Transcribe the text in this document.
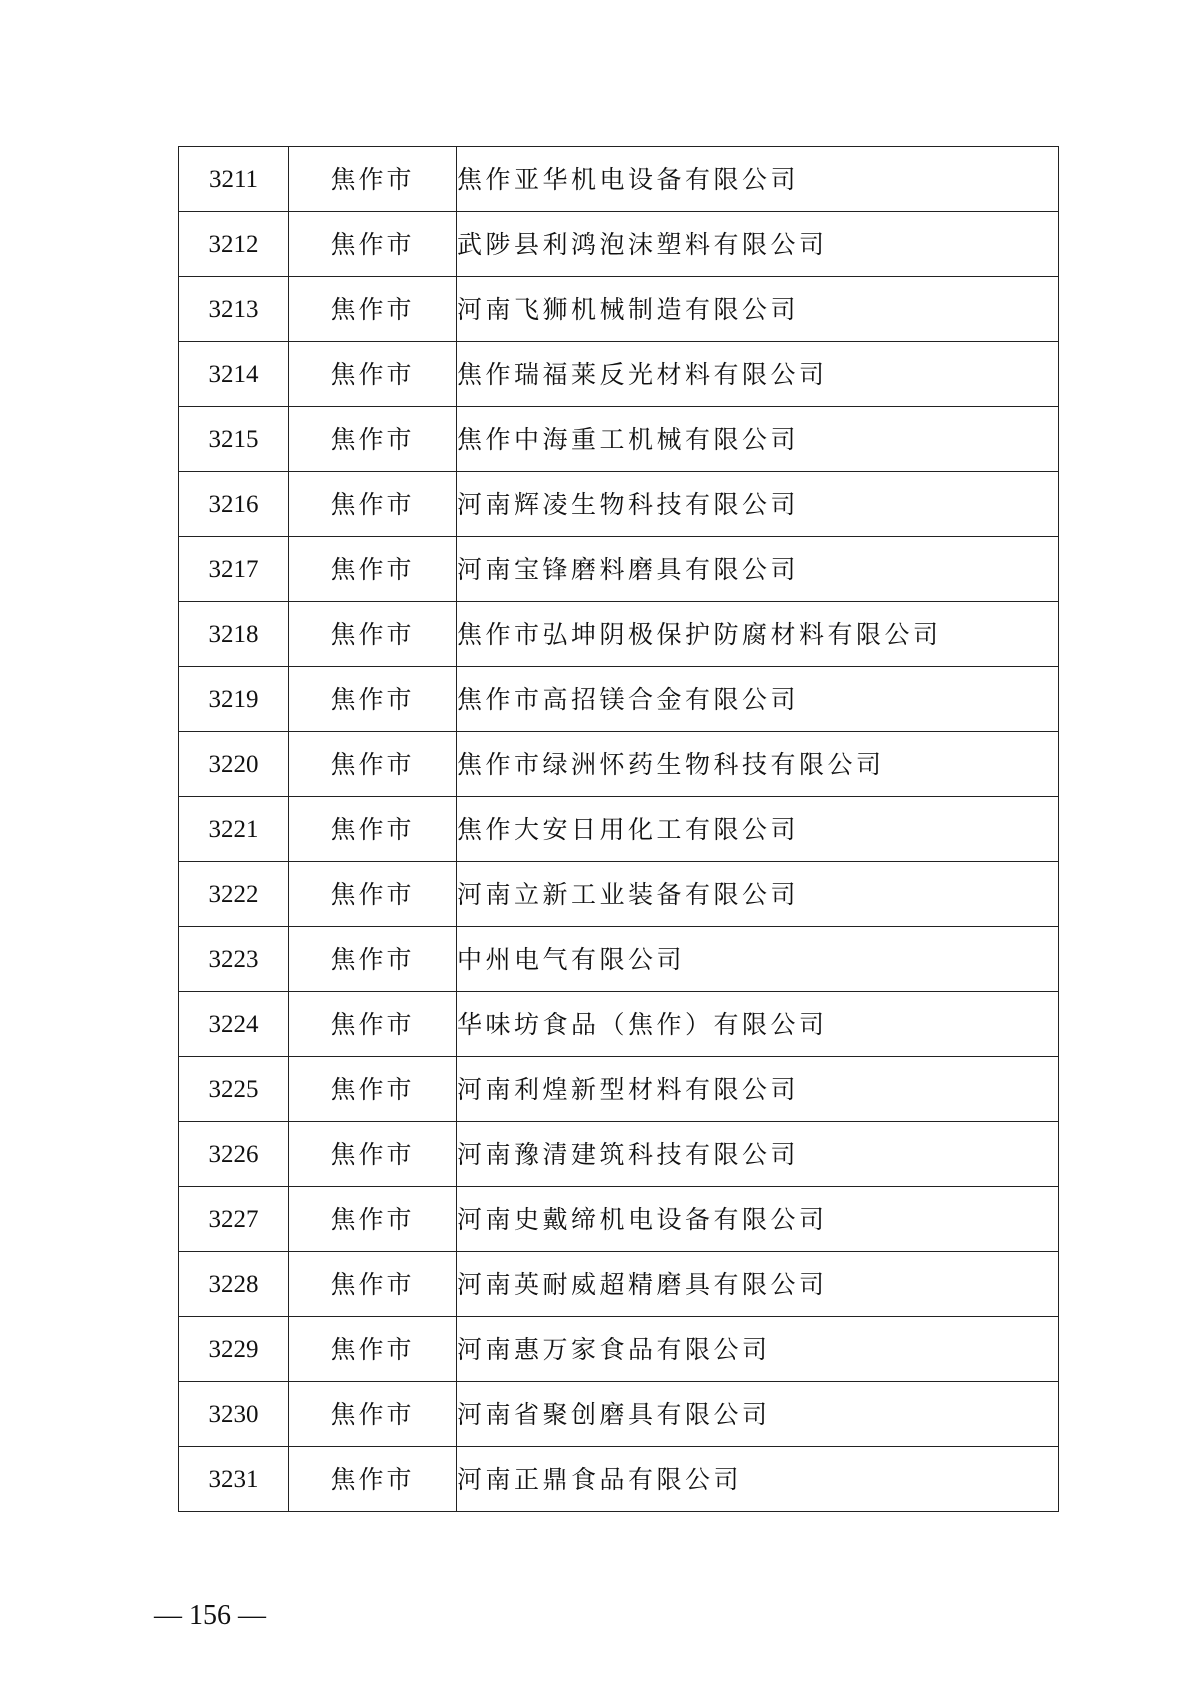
3211	焦作市	焦作亚华机电设备有限公司
3212	焦作市	武陟县利鸿泡沫塑料有限公司
3213	焦作市	河南飞狮机械制造有限公司
3214	焦作市	焦作瑞福莱反光材料有限公司
3215	焦作市	焦作中海重工机械有限公司
3216	焦作市	河南辉凌生物科技有限公司
3217	焦作市	河南宝锋磨料磨具有限公司
3218	焦作市	焦作市弘坤阴极保护防腐材料有限公司
3219	焦作市	焦作市高招镁合金有限公司
3220	焦作市	焦作市绿洲怀药生物科技有限公司
3221	焦作市	焦作大安日用化工有限公司
3222	焦作市	河南立新工业装备有限公司
3223	焦作市	中州电气有限公司
3224	焦作市	华味坊食品（焦作）有限公司
3225	焦作市	河南利煌新型材料有限公司
3226	焦作市	河南豫清建筑科技有限公司
3227	焦作市	河南史戴缔机电设备有限公司
3228	焦作市	河南英耐威超精磨具有限公司
3229	焦作市	河南惠万家食品有限公司
3230	焦作市	河南省聚创磨具有限公司
3231	焦作市	河南正鼎食品有限公司
— 156 —
